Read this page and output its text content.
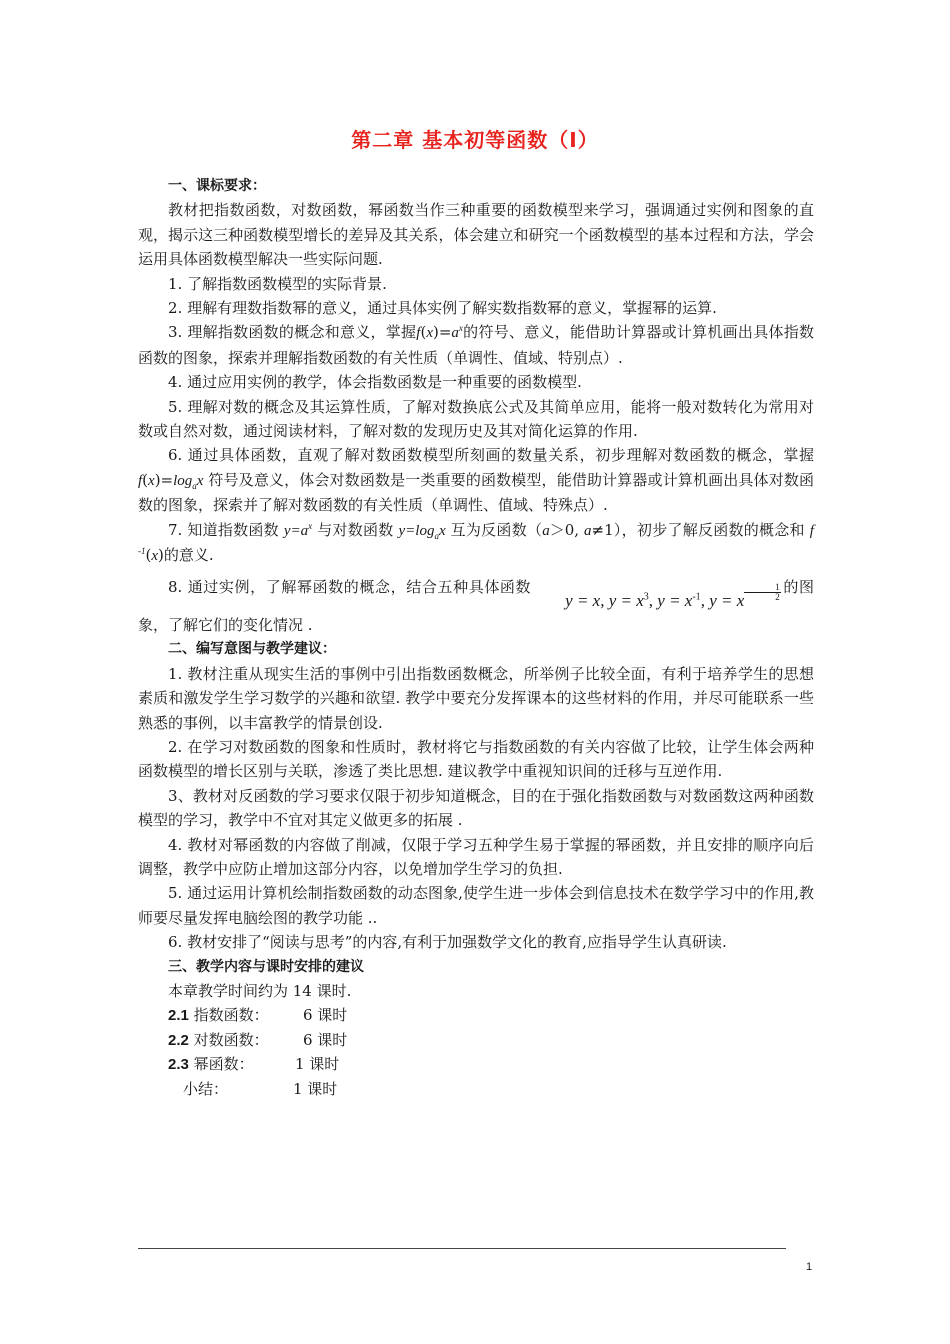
第二章 基本初等函数（Ⅰ）

一、课标要求：

教材把指数函数，对数函数，幂函数当作三种重要的函数模型来学习，强调通过实例和图象的直观，揭示这三种函数模型增长的差异及其关系，体会建立和研究一个函数模型的基本过程和方法，学会运用具体函数模型解决一些实际问题.

1. 了解指数函数模型的实际背景.

2. 理解有理数指数幂的意义，通过具体实例了解实数指数幂的意义，掌握幂的运算.

3. 理解指数函数的概念和意义，掌握$f(x)=a^x$的符号、意义，能借助计算器或计算机画出具体指数函数的图象，探索并理解指数函数的有关性质（单调性、值域、特别点）.

4. 通过应用实例的教学，体会指数函数是一种重要的函数模型.

5. 理解对数的概念及其运算性质，了解对数换底公式及其简单应用，能将一般对数转化为常用对数或自然对数，通过阅读材料，了解对数的发现历史及其对简化运算的作用.

6. 通过具体函数，直观了解对数函数模型所刻画的数量关系，初步理解对数函数的概念，掌握$f(x)=\log_ax$ 符号及意义，体会对数函数是一类重要的函数模型，能借助计算器或计算机画出具体对数函数的图象，探索并了解对数函数的有关性质（单调性、值域、特殊点）.

7. 知道指数函数 $y=a^x$ 与对数函数 $y=\log_ax$ 互为反函数（a＞0, a≠1），初步了解反函数的概念和 f $^{-1}$(x)的意义.

8. 通过实例，了解幂函数的概念，结合五种具体函数y = x, $y = x^3$, $y = x^{-1}$, y = x $\frac{1}{2}$ 的图象，了解它们的变化情况 .

二、编写意图与教学建议：

1. 教材注重从现实生活的事例中引出指数函数概念，所举例子比较全面，有利于培养学生的思想素质和激发学生学习数学的兴趣和欲望. 教学中要充分发挥课本的这些材料的作用，并尽可能联系一些熟悉的事例，以丰富教学的情景创设.

2. 在学习对数函数的图象和性质时，教材将它与指数函数的有关内容做了比较，让学生体会两种函数模型的增长区别与关联，渗透了类比思想. 建议教学中重视知识间的迁移与互逆作用.

3、教材对反函数的学习要求仅限于初步知道概念，目的在于强化指数函数与对数函数这两种函数模型的学习，教学中不宜对其定义做更多的拓展 .

4. 教材对幂函数的内容做了削减，仅限于学习五种学生易于掌握的幂函数，并且安排的顺序向后调整，教学中应防止增加这部分内容，以免增加学生学习的负担.

5. 通过运用计算机绘制指数函数的动态图象,使学生进一步体会到信息技术在数学学习中的作用,教师要尽量发挥电脑绘图的教学功能 ..

6. 教材安排了“阅读与思考”的内容,有利于加强数学文化的教育,应指导学生认真研读.

三、教学内容与课时安排的建议

本章教学时间约为 14 课时.
2.1 指数函数：	6 课时
2.2 对数函数：	6 课时
2.3 幂函数：	1 课时
小结：	1 课时
1
